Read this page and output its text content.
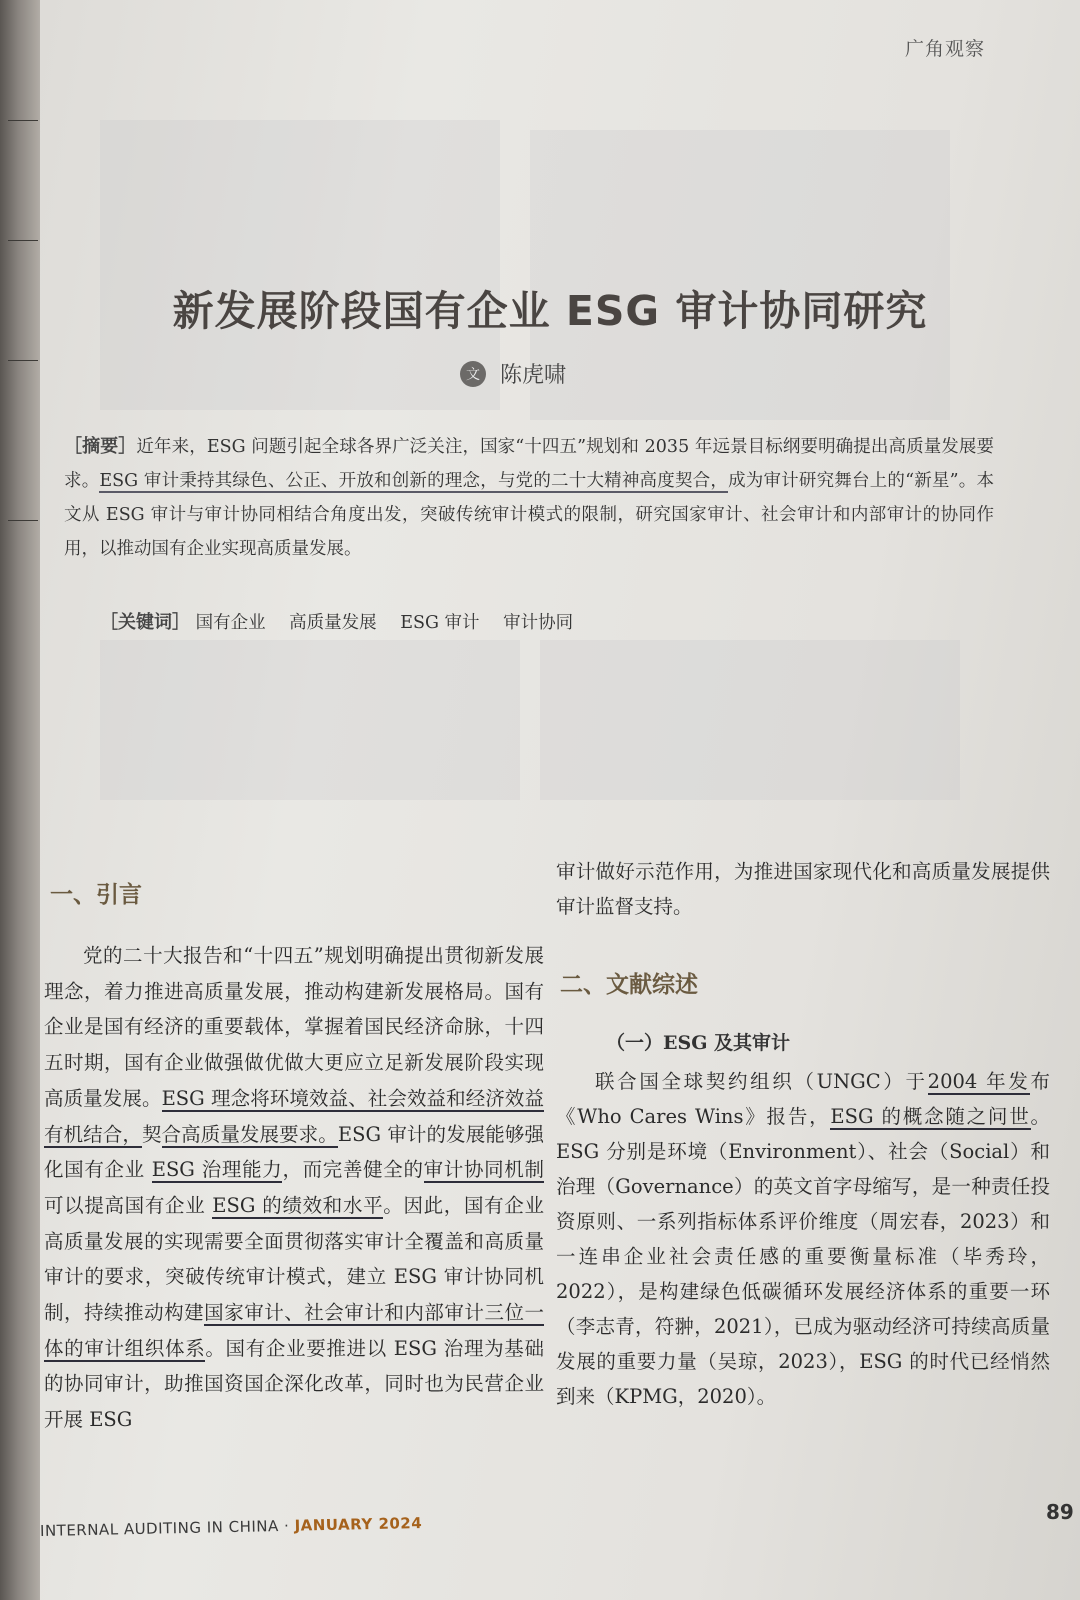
广角观察
新发展阶段国有企业 ESG 审计协同研究
文 陈虎啸
［摘要］近年来，ESG 问题引起全球各界广泛关注，国家“十四五”规划和 2035 年远景目标纲要明确提出高质量发展要求。ESG 审计秉持其绿色、公正、开放和创新的理念，与党的二十大精神高度契合，成为审计研究舞台上的“新星”。本文从 ESG 审计与审计协同相结合角度出发，突破传统审计模式的限制，研究国家审计、社会审计和内部审计的协同作用，以推动国有企业实现高质量发展。
［关键词］ 国有企业 高质量发展 ESG 审计 审计协同
一、引言

党的二十大报告和“十四五”规划明确提出贯彻新发展理念，着力推进高质量发展，推动构建新发展格局。国有企业是国有经济的重要载体，掌握着国民经济命脉，十四五时期，国有企业做强做优做大更应立足新发展阶段实现高质量发展。ESG 理念将环境效益、社会效益和经济效益有机结合，契合高质量发展要求。ESG 审计的发展能够强化国有企业 ESG 治理能力，而完善健全的审计协同机制可以提高国有企业 ESG 的绩效和水平。因此，国有企业高质量发展的实现需要全面贯彻落实审计全覆盖和高质量审计的要求，突破传统审计模式，建立 ESG 审计协同机制，持续推动构建国家审计、社会审计和内部审计三位一体的审计组织体系。国有企业要推进以 ESG 治理为基础的协同审计，助推国资国企深化改革，同时也为民营企业开展 ESG

审计做好示范作用，为推进国家现代化和高质量发展提供审计监督支持。

二、文献综述
（一）ESG 及其审计

联合国全球契约组织（UNGC）于2004 年发布《Who Cares Wins》报告，ESG 的概念随之问世。ESG 分别是环境（Environment）、社会（Social）和治理（Governance）的英文首字母缩写，是一种责任投资原则、一系列指标体系评价维度（周宏春，2023）和一连串企业社会责任感的重要衡量标准（毕秀玲，2022），是构建绿色低碳循环发展经济体系的重要一环（李志青，符翀，2021），已成为驱动经济可持续高质量发展的重要力量（吴琼，2023），ESG 的时代已经悄然到来（KPMG，2020）。

INTERNAL AUDITING IN CHINA · JANUARY 2024
89
